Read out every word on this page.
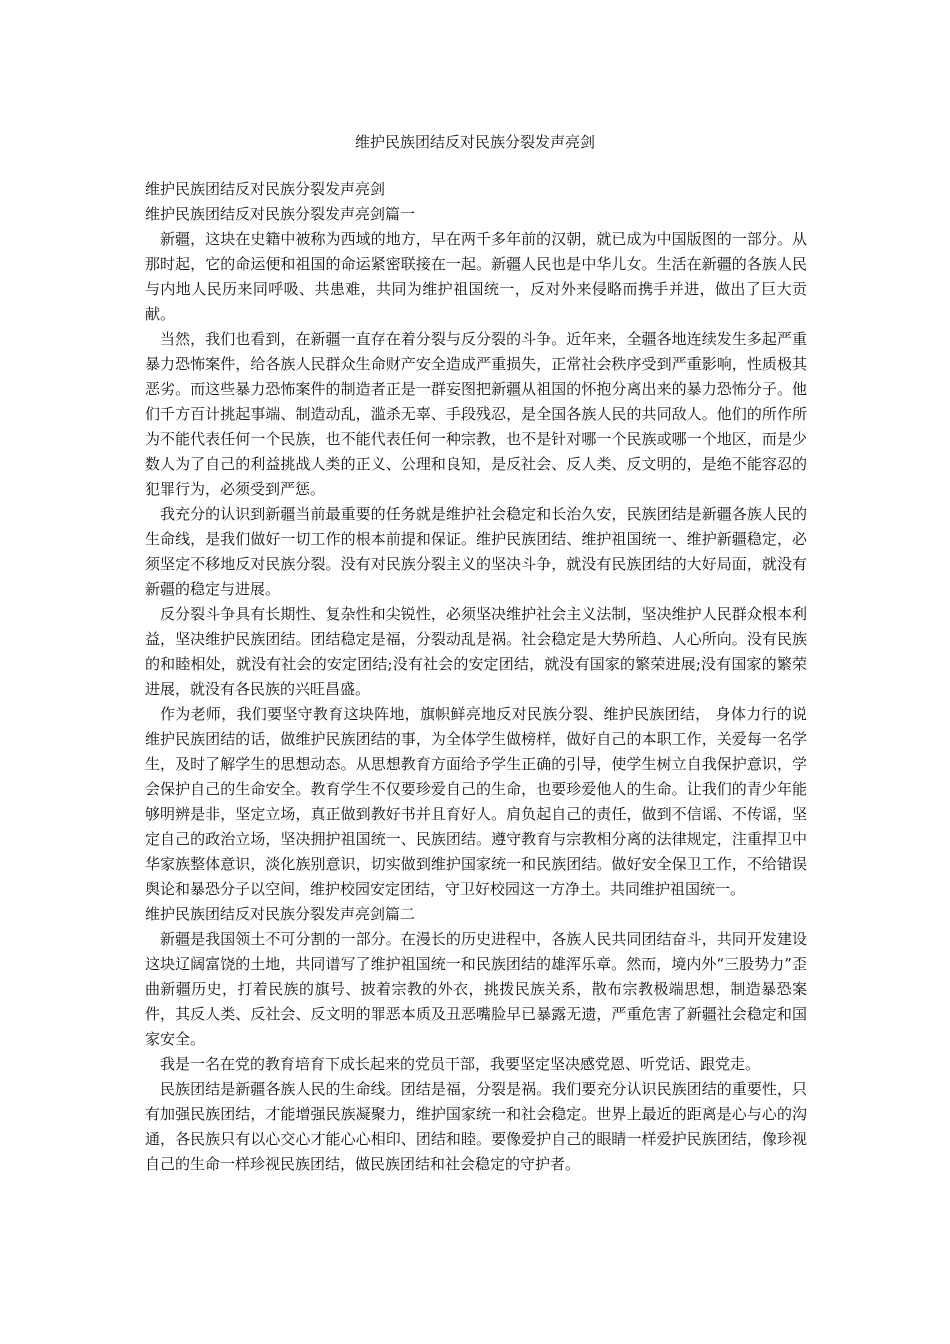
维护民族团结反对民族分裂发声亮剑

维护民族团结反对民族分裂发声亮剑

维护民族团结反对民族分裂发声亮剑篇一

新疆，这块在史籍中被称为西域的地方，早在两千多年前的汉朝，就已成为中国版图的一部分。从那时起，它的命运便和祖国的命运紧密联接在一起。新疆人民也是中华儿女。生活在新疆的各族人民与内地人民历来同呼吸、共患难，共同为维护祖国统一，反对外来侵略而携手并进，做出了巨大贡献。

当然，我们也看到，在新疆一直存在着分裂与反分裂的斗争。近年来，全疆各地连续发生多起严重暴力恐怖案件，给各族人民群众生命财产安全造成严重损失，正常社会秩序受到严重影响，性质极其恶劣。而这些暴力恐怖案件的制造者正是一群妄图把新疆从祖国的怀抱分离出来的暴力恐怖分子。他们千方百计挑起事端、制造动乱，滥杀无辜、手段残忍，是全国各族人民的共同敌人。他们的所作所为不能代表任何一个民族，也不能代表任何一种宗教，也不是针对哪一个民族或哪一个地区，而是少数人为了自己的利益挑战人类的正义、公理和良知，是反社会、反人类、反文明的，是绝不能容忍的犯罪行为，必须受到严惩。

我充分的认识到新疆当前最重要的任务就是维护社会稳定和长治久安，民族团结是新疆各族人民的生命线，是我们做好一切工作的根本前提和保证。维护民族团结、维护祖国统一、维护新疆稳定，必须坚定不移地反对民族分裂。没有对民族分裂主义的坚决斗争，就没有民族团结的大好局面，就没有新疆的稳定与进展。

反分裂斗争具有长期性、复杂性和尖锐性，必须坚决维护社会主义法制，坚决维护人民群众根本利益，坚决维护民族团结。团结稳定是福，分裂动乱是祸。社会稳定是大势所趋、人心所向。没有民族的和睦相处，就没有社会的安定团结;没有社会的安定团结，就没有国家的繁荣进展;没有国家的繁荣进展，就没有各民族的兴旺昌盛。

作为老师，我们要坚守教育这块阵地，旗帜鲜亮地反对民族分裂、维护民族团结， 身体力行的说维护民族团结的话，做维护民族团结的事，为全体学生做榜样，做好自己的本职工作，关爱每一名学生，及时了解学生的思想动态。从思想教育方面给予学生正确的引导，使学生树立自我保护意识，学会保护自己的生命安全。教育学生不仅要珍爱自己的生命，也要珍爱他人的生命。让我们的青少年能够明辨是非，坚定立场，真正做到教好书并且育好人。肩负起自己的责任，做到不信谣、不传谣，坚定自己的政治立场，坚决拥护祖国统一、民族团结。遵守教育与宗教相分离的法律规定，注重捍卫中华家族整体意识，淡化族别意识，切实做到维护国家统一和民族团结。做好安全保卫工作，不给错误舆论和暴恐分子以空间，维护校园安定团结，守卫好校园这一方净土。共同维护祖国统一。

维护民族团结反对民族分裂发声亮剑篇二

新疆是我国领土不可分割的一部分。在漫长的历史进程中，各族人民共同团结奋斗，共同开发建设这块辽阔富饶的土地，共同谱写了维护祖国统一和民族团结的雄浑乐章。然而，境内外“三股势力”歪曲新疆历史，打着民族的旗号、披着宗教的外衣，挑拨民族关系，散布宗教极端思想，制造暴恐案件，其反人类、反社会、反文明的罪恶本质及丑恶嘴脸早已暴露无遗，严重危害了新疆社会稳定和国家安全。

我是一名在党的教育培育下成长起来的党员干部，我要坚定坚决感党恩、听党话、跟党走。

民族团结是新疆各族人民的生命线。团结是福，分裂是祸。我们要充分认识民族团结的重要性，只有加强民族团结，才能增强民族凝聚力，维护国家统一和社会稳定。世界上最近的距离是心与心的沟通，各民族只有以心交心才能心心相印、团结和睦。要像爱护自己的眼睛一样爱护民族团结，像珍视自己的生命一样珍视民族团结，做民族团结和社会稳定的守护者。
